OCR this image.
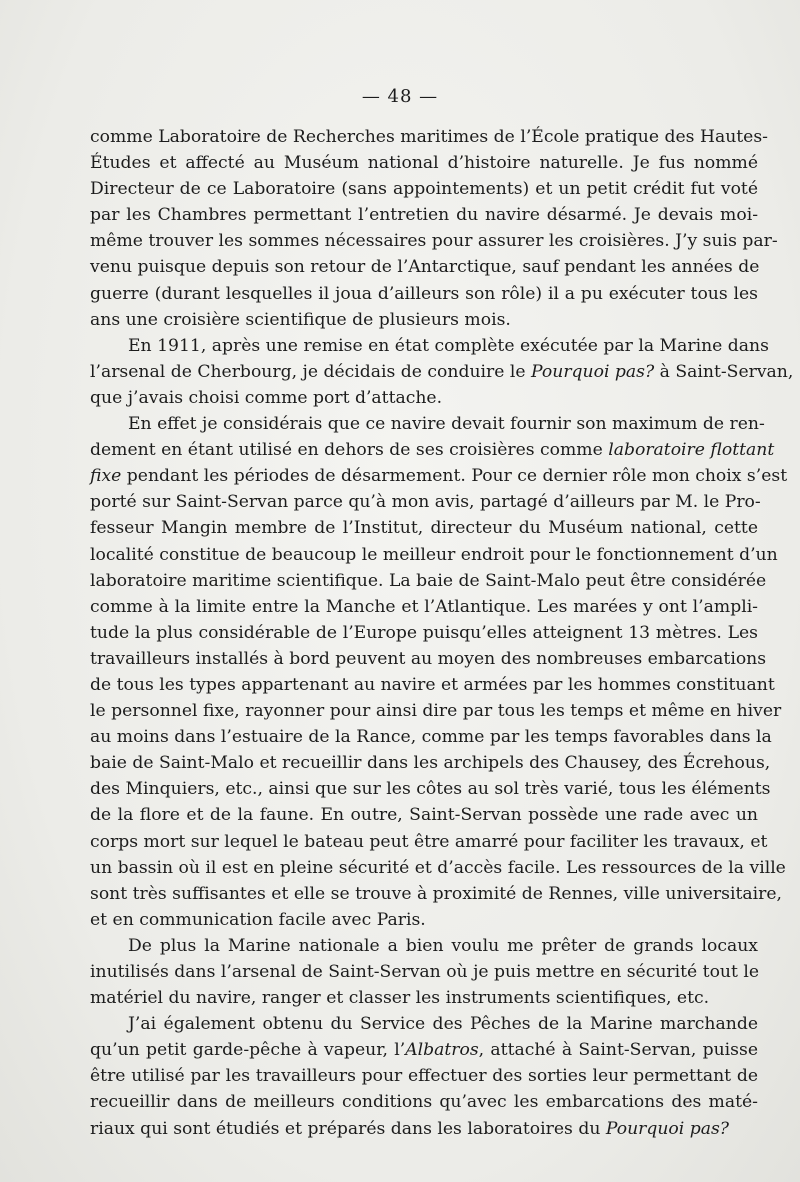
— 48 —

comme Laboratoire de Recherches maritimes de l’École pratique des Hautes-
Études et affecté au Muséum national d’histoire naturelle. Je fus nommé
Directeur de ce Laboratoire (sans appointements) et un petit crédit fut voté
par les Chambres permettant l’entretien du navire désarmé. Je devais moi-
même trouver les sommes nécessaires pour assurer les croisières. J’y suis par-
venu puisque depuis son retour de l’Antarctique, sauf pendant les années de
guerre (durant lesquelles il joua d’ailleurs son rôle) il a pu exécuter tous les
ans une croisière scientifique de plusieurs mois.

En 1911, après une remise en état complète exécutée par la Marine dans
l’arsenal de Cherbourg, je décidais de conduire le Pourquoi pas? à Saint-Servan,
que j’avais choisi comme port d’attache.

En effet je considérais que ce navire devait fournir son maximum de ren-
dement en étant utilisé en dehors de ses croisières comme laboratoire flottant
fixe pendant les périodes de désarmement. Pour ce dernier rôle mon choix s’est
porté sur Saint-Servan parce qu’à mon avis, partagé d’ailleurs par M. le Pro-
fesseur Mangin membre de l’Institut, directeur du Muséum national, cette
localité constitue de beaucoup le meilleur endroit pour le fonctionnement d’un
laboratoire maritime scientifique. La baie de Saint-Malo peut être considérée
comme à la limite entre la Manche et l’Atlantique. Les marées y ont l’ampli-
tude la plus considérable de l’Europe puisqu’elles atteignent 13 mètres. Les
travailleurs installés à bord peuvent au moyen des nombreuses embarcations
de tous les types appartenant au navire et armées par les hommes constituant
le personnel fixe, rayonner pour ainsi dire par tous les temps et même en hiver
au moins dans l’estuaire de la Rance, comme par les temps favorables dans la
baie de Saint-Malo et recueillir dans les archipels des Chausey, des Écrehous,
des Minquiers, etc., ainsi que sur les côtes au sol très varié, tous les éléments
de la flore et de la faune. En outre, Saint-Servan possède une rade avec un
corps mort sur lequel le bateau peut être amarré pour faciliter les travaux, et
un bassin où il est en pleine sécurité et d’accès facile. Les ressources de la ville
sont très suffisantes et elle se trouve à proximité de Rennes, ville universitaire,
et en communication facile avec Paris.

De plus la Marine nationale a bien voulu me prêter de grands locaux
inutilisés dans l’arsenal de Saint-Servan où je puis mettre en sécurité tout le
matériel du navire, ranger et classer les instruments scientifiques, etc.

J’ai également obtenu du Service des Pêches de la Marine marchande
qu’un petit garde-pêche à vapeur, l’Albatros, attaché à Saint-Servan, puisse
être utilisé par les travailleurs pour effectuer des sorties leur permettant de
recueillir dans de meilleurs conditions qu’avec les embarcations des maté-
riaux qui sont étudiés et préparés dans les laboratoires du Pourquoi pas?
